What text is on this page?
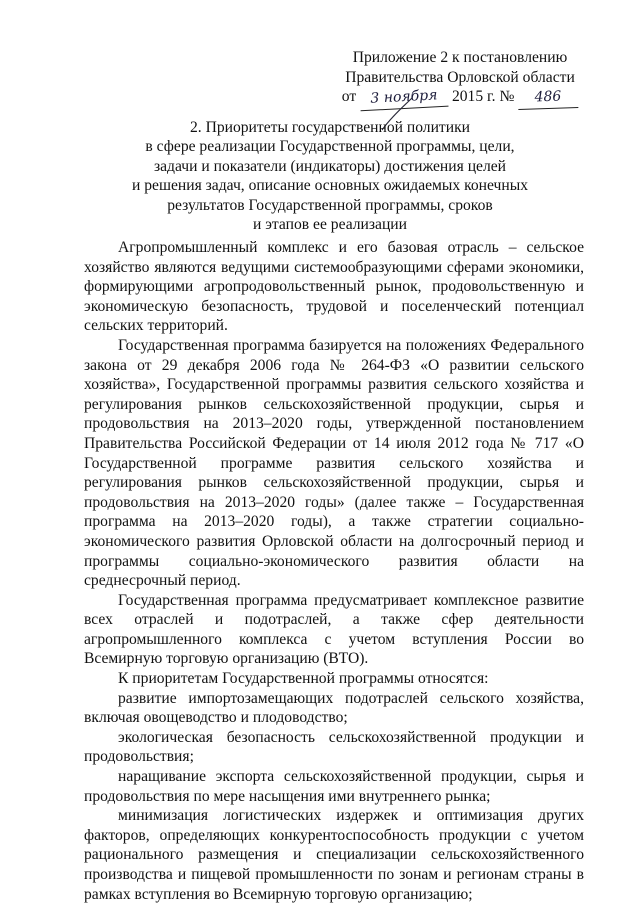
Приложение 2 к постановлению
Правительства Орловской области
от 3 ноября 2015 г. № 486
2. Приоритеты государственной политики
в сфере реализации Государственной программы, цели,
задачи и показатели (индикаторы) достижения целей
и решения задач, описание основных ожидаемых конечных
результатов Государственной программы, сроков
и этапов ее реализации

Агропромышленный комплекс и его базовая отрасль – сельское хозяйство являются ведущими системообразующими сферами экономики, формирующими агропродовольственный рынок, продовольственную и экономическую безопасность, трудовой и поселенческий потенциал сельских территорий.

Государственная программа базируется на положениях Федерального закона от 29 декабря 2006 года № 264-ФЗ «О развитии сельского хозяйства», Государственной программы развития сельского хозяйства и регулирования рынков сельскохозяйственной продукции, сырья и продовольствия на 2013–2020 годы, утвержденной постановлением Правительства Российской Федерации от 14 июля 2012 года № 717 «О Государственной программе развития сельского хозяйства и регулирования рынков сельскохозяйственной продукции, сырья и продовольствия на 2013–2020 годы» (далее также – Государственная программа на 2013–2020 годы), а также стратегии социально-экономического развития Орловской области на долгосрочный период и программы социально-экономического развития области на среднесрочный период.

Государственная программа предусматривает комплексное развитие всех отраслей и подотраслей, а также сфер деятельности агропромышленного комплекса с учетом вступления России во Всемирную торговую организацию (ВТО).

К приоритетам Государственной программы относятся:

развитие импортозамещающих подотраслей сельского хозяйства, включая овощеводство и плодоводство;

экологическая безопасность сельскохозяйственной продукции и продовольствия;

наращивание экспорта сельскохозяйственной продукции, сырья и продовольствия по мере насыщения ими внутреннего рынка;

минимизация логистических издержек и оптимизация других факторов, определяющих конкурентоспособность продукции с учетом рационального размещения и специализации сельскохозяйственного производства и пищевой промышленности по зонам и регионам страны в рамках вступления во Всемирную торговую организацию;
